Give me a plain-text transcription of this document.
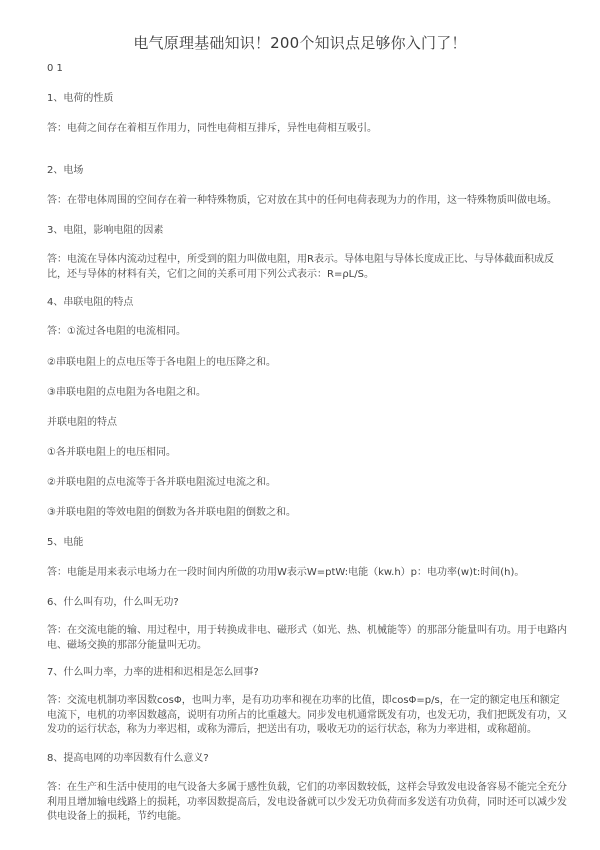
电气原理基础知识！200个知识点足够你入门了！
0 1
1、电荷的性质
答：电荷之间存在着相互作用力，同性电荷相互排斥，异性电荷相互吸引。
2、电场
答：在带电体周围的空间存在着一种特殊物质，它对放在其中的任何电荷表现为力的作用，这一特殊物质叫做电场。
3、电阻，影响电阻的因素
答：电流在导体内流动过程中，所受到的阻力叫做电阻，用R表示。导体电阻与导体长度成正比、与导体截面积成反比，还与导体的材料有关，它们之间的关系可用下列公式表示：R=ρL/S。
4、串联电阻的特点
答：①流过各电阻的电流相同。
②串联电阻上的点电压等于各电阻上的电压降之和。
③串联电阻的点电阻为各电阻之和。
并联电阻的特点
①各并联电阻上的电压相同。
②并联电阻的点电流等于各并联电阻流过电流之和。
③并联电阻的等效电阻的倒数为各并联电阻的倒数之和。
5、电能
答：电能是用来表示电场力在一段时间内所做的功用W表示W=ptW:电能（kw.h）p：电功率(w)t:时间(h)。
6、什么叫有功，什么叫无功?
答：在交流电能的输、用过程中，用于转换成非电、磁形式（如光、热、机械能等）的那部分能量叫有功。用于电路内电、磁场交换的那部分能量叫无功。
7、什么叫力率，力率的进相和迟相是怎么回事?
答：交流电机制功率因数cosΦ，也叫力率，是有功功率和视在功率的比值，即cosΦ=p/s，在一定的额定电压和额定电流下，电机的功率因数越高，说明有功所占的比重越大。同步发电机通常既发有功，也发无功，我们把既发有功，又发功的运行状态，称为力率迟相，或称为滞后，把送出有功，吸收无功的运行状态，称为力率进相，或称超前。
8、提高电网的功率因数有什么意义?
答：在生产和生活中使用的电气设备大多属于感性负载，它们的功率因数较低，这样会导致发电设备容易不能完全充分利用且增加输电线路上的损耗，功率因数提高后，发电设备就可以少发无功负荷而多发送有功负荷，同时还可以减少发供电设备上的损耗，节约电能。
